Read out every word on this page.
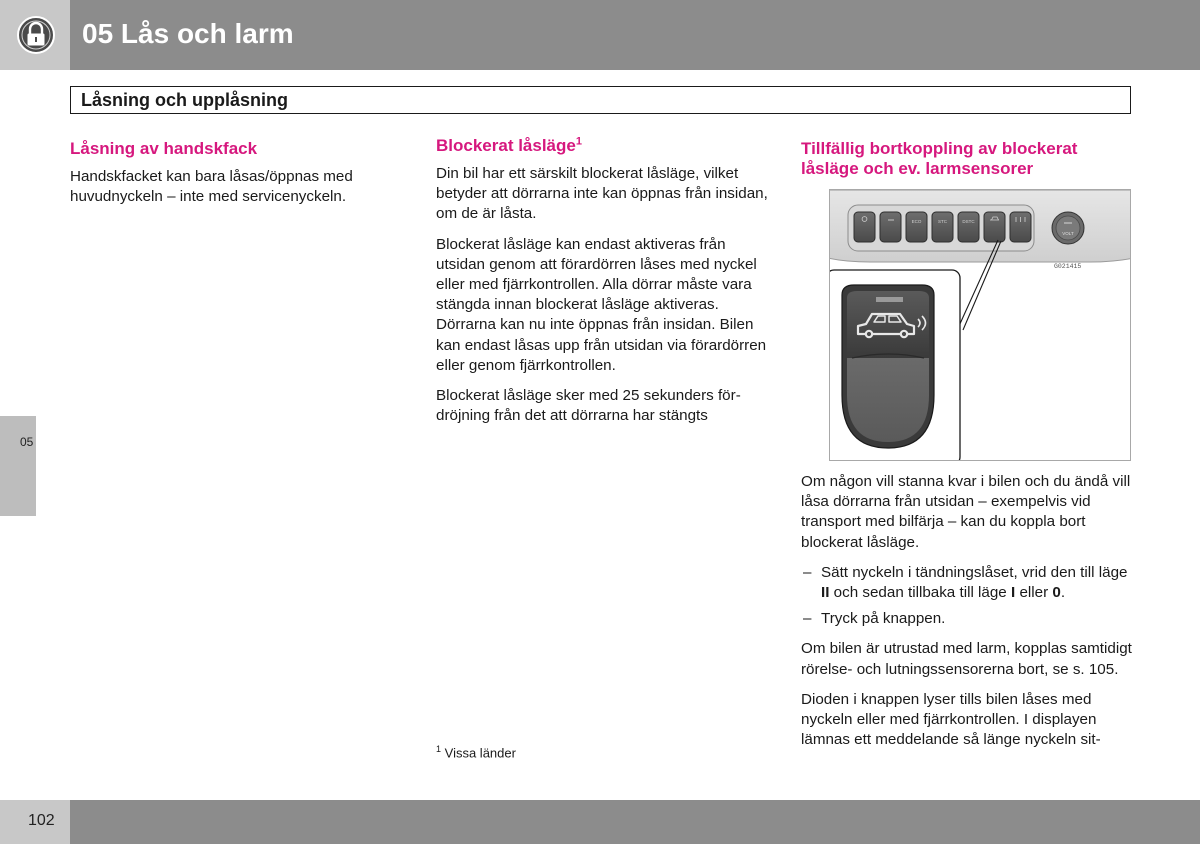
05 Lås och larm
Låsning och upplåsning
05
Låsning av handskfack

Handskfacket kan bara låsas/öppnas med huvudnyckeln – inte med servicenyckeln.

Blockerat låsläge$^1$

Din bil har ett särskilt blockerat låsläge, vilket betyder att dörrarna inte kan öppnas från insidan, om de är låsta.

Blockerat låsläge kan endast aktiveras från utsidan genom att förardörren låses med nyckel eller med fjärrkontrollen. Alla dörrar måste vara stängda innan blockerat låsläge aktiveras. Dörrarna kan nu inte öppnas från insidan. Bilen kan endast låsas upp från utsidan via förardörren eller genom fjärrkontrollen.

Blockerat låsläge sker med 25 sekunders fördröjning från det att dörrarna har stängts

$^1$ Vissa länder
Tillfällig bortkoppling av blockerat låsläge och ev. larmsensorer
ECO	STC	DSTC
VOLT
G021415

Om någon vill stanna kvar i bilen och du ändå vill låsa dörrarna från utsidan – exempelvis vid transport med bilfärja – kan du koppla bort blockerat låsläge.

– Sätt nyckeln i tändningslåset, vrid den till läge II och sedan tillbaka till läge I eller 0.
– Tryck på knappen.

Om bilen är utrustad med larm, kopplas samtidigt rörelse- och lutningssensorerna bort, se s. 105.

Dioden i knappen lyser tills bilen låses med nyckeln eller med fjärrkontrollen. I displayen lämnas ett meddelande så länge nyckeln sit-

102
